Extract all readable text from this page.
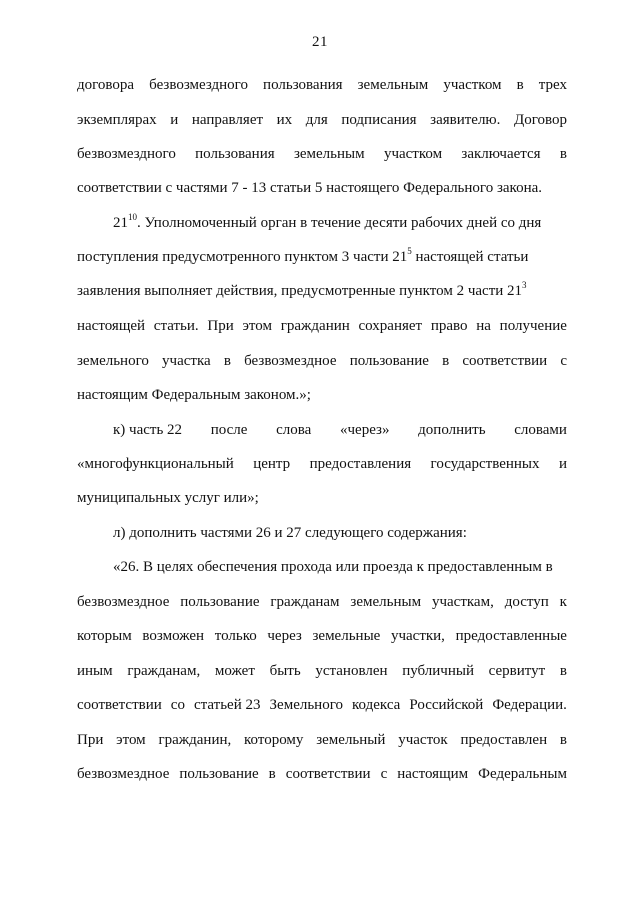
21
договора безвозмездного пользования земельным участком в трех
экземплярах и направляет их для подписания заявителю. Договор
безвозмездного пользования земельным участком заключается в
соответствии с частями 7 - 13 статьи 5 настоящего Федерального закона.
$21^{10}$. Уполномоченный орган в течение десяти рабочих дней со дня
поступления предусмотренного пунктом 3 части $21^5$ настоящей статьи
заявления выполняет действия, предусмотренные пунктом 2 части $21^3$
настоящей статьи. При этом гражданин сохраняет право на получение
земельного участка в безвозмездное пользование в соответствии с
настоящим Федеральным законом.»;
к) часть 22 после слова «через» дополнить словами
«многофункциональный центр предоставления государственных и
муниципальных услуг или»;
л) дополнить частями 26 и 27 следующего содержания:
«26. В целях обеспечения прохода или проезда к предоставленным в
безвозмездное пользование гражданам земельным участкам, доступ к
которым возможен только через земельные участки, предоставленные
иным гражданам, может быть установлен публичный сервитут в
соответствии со статьей 23 Земельного кодекса Российской Федерации.
При этом гражданин, которому земельный участок предоставлен в
безвозмездное пользование в соответствии с настоящим Федеральным
